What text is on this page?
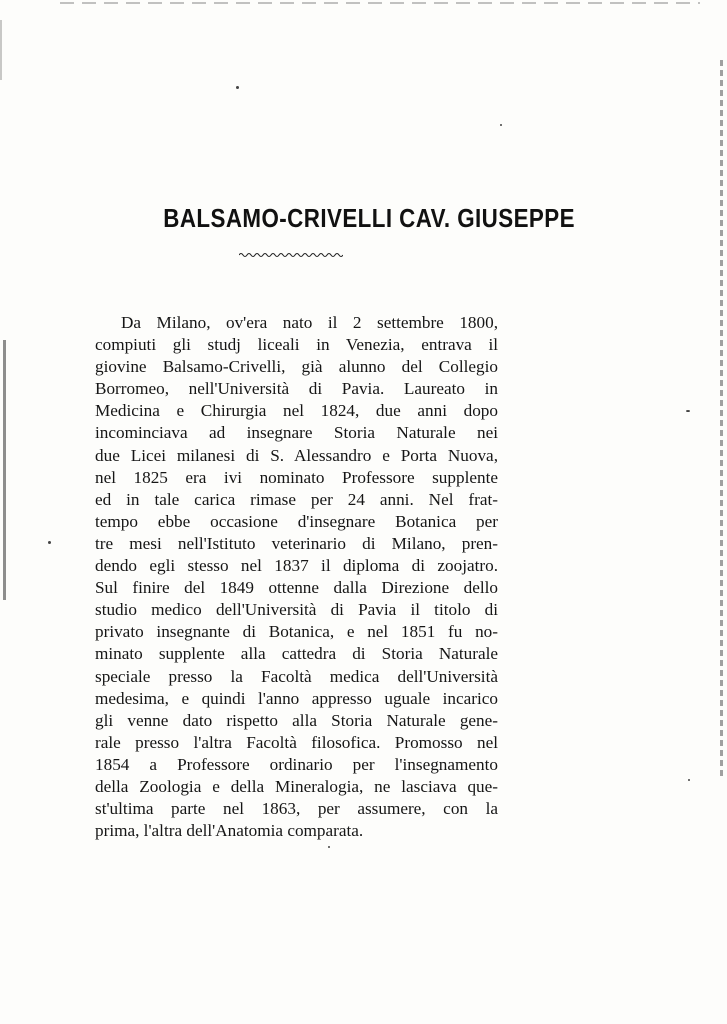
BALSAMO-CRIVELLI CAV. GIUSEPPE
Da Milano, ov'era nato il 2 settembre 1800,
compiuti gli studj liceali in Venezia, entrava il
giovine Balsamo-Crivelli, già alunno del Collegio
Borromeo, nell'Università di Pavia. Laureato in
Medicina e Chirurgia nel 1824, due anni dopo
incominciava ad insegnare Storia Naturale nei
due Licei milanesi di S. Alessandro e Porta Nuova,
nel 1825 era ivi nominato Professore supplente
ed in tale carica rimase per 24 anni. Nel frat-
tempo ebbe occasione d'insegnare Botanica per
tre mesi nell'Istituto veterinario di Milano, pren-
dendo egli stesso nel 1837 il diploma di zoojatro.
Sul finire del 1849 ottenne dalla Direzione dello
studio medico dell'Università di Pavia il titolo di
privato insegnante di Botanica, e nel 1851 fu no-
minato supplente alla cattedra di Storia Naturale
speciale presso la Facoltà medica dell'Università
medesima, e quindi l'anno appresso uguale incarico
gli venne dato rispetto alla Storia Naturale gene-
rale presso l'altra Facoltà filosofica. Promosso nel
1854 a Professore ordinario per l'insegnamento
della Zoologia e della Mineralogia, ne lasciava que-
st'ultima parte nel 1863, per assumere, con la
prima, l'altra dell'Anatomia comparata.
